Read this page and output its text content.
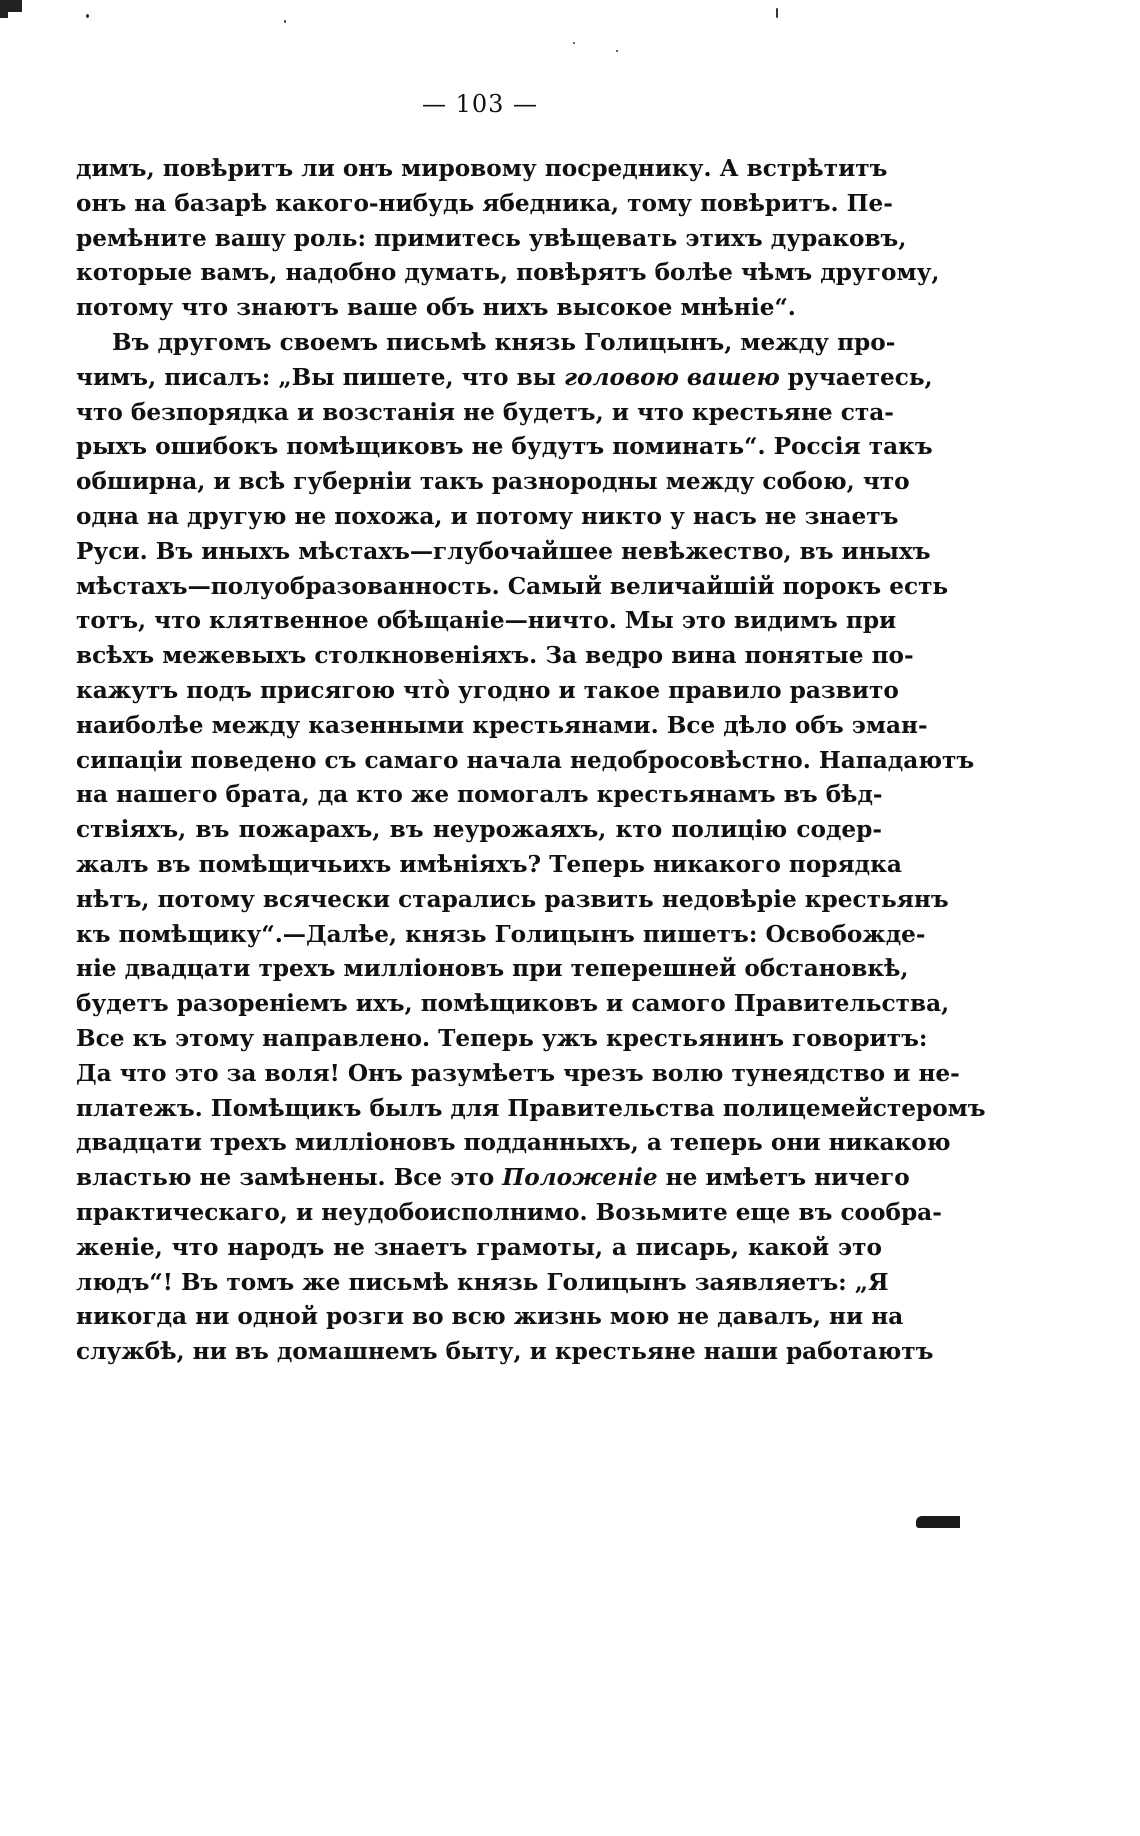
— 103 —
димъ, повѣритъ ли онъ мировому посреднику. А встрѣтитъ
онъ на базарѣ какого-нибудь ябедника, тому повѣритъ. Пе-
ремѣните вашу роль: примитесь увѣщевать этихъ дураковъ,
которые вамъ, надобно думать, повѣрятъ болѣе чѣмъ другому,
потому что знаютъ ваше объ нихъ высокое мнѣніе“.
Въ другомъ своемъ письмѣ князь Голицынъ, между про-
чимъ, писалъ: „Вы пишете, что вы головою вашею ручаетесь,
что безпорядка и возстанія не будетъ, и что крестьяне ста-
рыхъ ошибокъ помѣщиковъ не будутъ поминать“. Россія такъ
обширна, и всѣ губерніи такъ разнородны между собою, что
одна на другую не похожа, и потому никто у насъ не знаетъ
Руси. Въ иныхъ мѣстахъ—глубочайшее невѣжество, въ иныхъ
мѣстахъ—полуобразованность. Самый величайшій порокъ есть
тотъ, что клятвенное обѣщаніе—ничто. Мы это видимъ при
всѣхъ межевыхъ столкновеніяхъ. За ведро вина понятые по-
кажутъ подъ присягою что̀ угодно и такое правило развито
наиболѣе между казенными крестьянами. Все дѣло объ эман-
сипаціи поведено съ самаго начала недобросовѣстно. Нападаютъ
на нашего брата, да кто же помогалъ крестьянамъ въ бѣд-
ствіяхъ, въ пожарахъ, въ неурожаяхъ, кто полицію содер-
жалъ въ помѣщичьихъ имѣніяхъ? Теперь никакого порядка
нѣтъ, потому всячески старались развить недовѣріе крестьянъ
къ помѣщику“.—Далѣе, князь Голицынъ пишетъ: Освобожде-
ніе двадцати трехъ милліоновъ при теперешней обстановкѣ,
будетъ разореніемъ ихъ, помѣщиковъ и самого Правительства,
Все къ этому направлено. Теперь ужъ крестьянинъ говоритъ:
Да что это за воля! Онъ разумѣетъ чрезъ волю тунеядство и не-
платежъ. Помѣщикъ былъ для Правительства полицемейстеромъ
двадцати трехъ милліоновъ подданныхъ, а теперь они никакою
властью не замѣнены. Все это Положеніе не имѣетъ ничего
практическаго, и неудобоисполнимо. Возьмите еще въ сообра-
женіе, что народъ не знаетъ грамоты, а писарь, какой это
людъ“! Въ томъ же письмѣ князь Голицынъ заявляетъ: „Я
никогда ни одной розги во всю жизнь мою не давалъ, ни на
службѣ, ни въ домашнемъ быту, и крестьяне наши работаютъ
